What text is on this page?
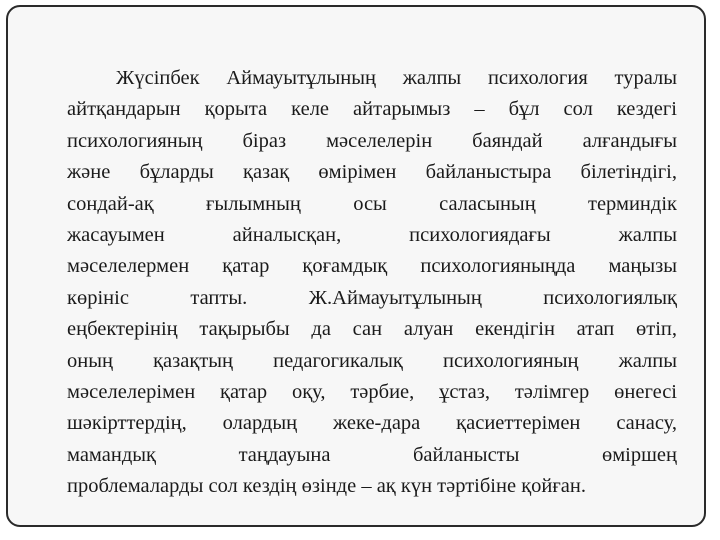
Жүсіпбек Аймауытұлының жалпы психология туралы
айтқандарын қорыта келе айтарымыз – бұл сол кездегі
психологияның біраз мәселелерін баяндай алғандығы
және бұларды қазақ өмірімен байланыстыра білетіндігі,
сондай-ақ ғылымның осы саласының терминдік
жасауымен айналысқан, психологиядағы жалпы
мәселелермен қатар қоғамдық психологияныңда маңызы
көрініс тапты. Ж.Аймауытұлының психологиялық
еңбектерінің тақырыбы да сан алуан екендігін атап өтіп,
оның қазақтың педагогикалық психологияның жалпы
мәселелерімен қатар оқу, тәрбие, ұстаз, тәлімгер өнегесі
шәкірттердің, олардың жеке-дара қасиеттерімен санасу,
мамандық таңдауына байланысты өміршең
проблемаларды сол кездің өзінде – ақ күн тәртібіне қойған.
